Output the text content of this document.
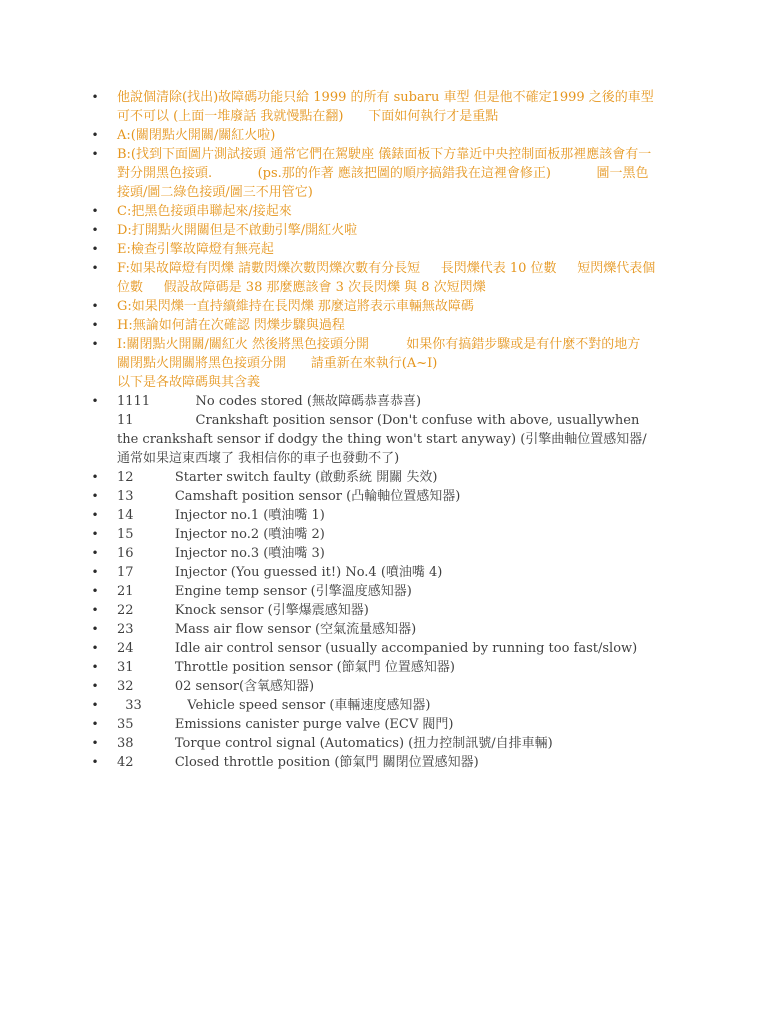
• 他說個清除(找出)故障碼功能只給 1999 的所有 subaru 車型 但是他不確定1999 之後的車型可不可以 (上面一堆廢話 我就慢點在翻)      下面如何執行才是重點
• A:(關閉點火開關/關紅火啦)
• B:(找到下面圖片測試接頭 通常它們在駕駛座 儀錶面板下方靠近中央控制面板那裡應該會有一對分開黑色接頭.           (ps.那的作著 應該把圖的順序搞錯我在這裡會修正)           圖一黑色接頭/圖二綠色接頭/圖三不用管它)
• C:把黑色接頭串聯起來/接起來
• D:打開點火開關但是不啟動引擎/開紅火啦
• E:檢查引擎故障燈有無亮起
• F:如果故障燈有閃爍 請數閃爍次數閃爍次數有分長短     長閃爍代表 10 位數     短閃爍代表個位數     假設故障碼是 38 那麼應該會 3 次長閃爍 與 8 次短閃爍
• G:如果閃爍一直持續維持在長閃爍 那麼這將表示車輛無故障碼
• H:無論如何請在次確認 閃爍步驟與過程
• I:關閉點火開關/關紅火 然後將黑色接頭分開         如果你有搞錯步驟或是有什麼不對的地方      關閉點火開關將黑色接頭分開      請重新在來執行(A~I)
以下是各故障碼與其含義
• 1111           No codes stored (無故障碼恭喜恭喜)
11               Crankshaft position sensor (Don't confuse with above, usuallywhen the crankshaft sensor if dodgy the thing won't start anyway) (引擎曲軸位置感知器/通常如果這東西壞了 我相信你的車子也發動不了)
• 12          Starter switch faulty (啟動系統 開關 失效)
• 13          Camshaft position sensor (凸輪軸位置感知器)
• 14          Injector no.1 (噴油嘴 1)
• 15          Injector no.2 (噴油嘴 2)
• 16          Injector no.3 (噴油嘴 3)
• 17          Injector (You guessed it!) No.4 (噴油嘴 4)
• 21          Engine temp sensor (引擎溫度感知器)
• 22          Knock sensor (引擎爆震感知器)
• 23          Mass air flow sensor (空氣流量感知器)
• 24          Idle air control sensor (usually accompanied by running too fast/slow)
• 31          Throttle position sensor (節氣門 位置感知器)
• 32          02 sensor(含氧感知器)
• 33           Vehicle speed sensor (車輛速度感知器)
• 35          Emissions canister purge valve (ECV 閥門)
• 38          Torque control signal (Automatics) (扭力控制訊號/自排車輛)
• 42          Closed throttle position (節氣門 關閉位置感知器)
